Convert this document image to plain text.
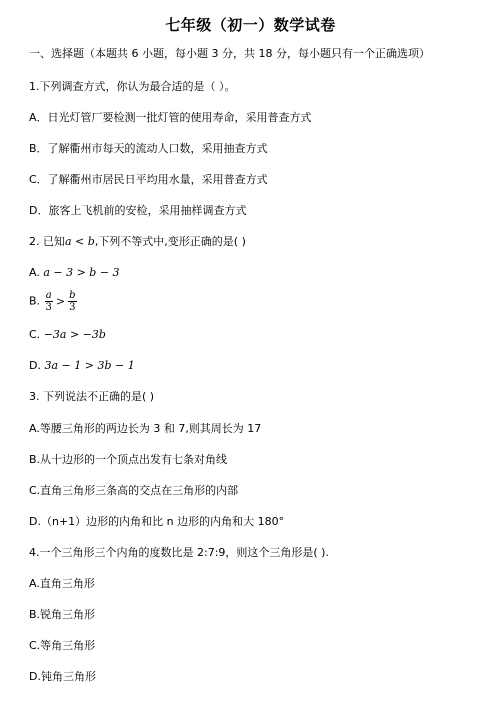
七年级（初一）数学试卷
一、选择题（本题共 6 小题，每小题 3 分，共 18 分，每小题只有一个正确选项）
1.下列调查方式，你认为最合适的是（ ）。
A．日光灯管厂要检测一批灯管的使用寿命，采用普查方式
B．了解衢州市每天的流动人口数，采用抽查方式
C．了解衢州市居民日平均用水量，采用普查方式
D．旅客上飞机前的安检，采用抽样调查方式
2. 已知a < b,下列不等式中,变形正确的是( )
A. a − 3 > b − 3
B. $\frac{a}{3} > \frac{b}{3}$
C. −3a > −3b
D. 3a − 1 > 3b − 1
3. 下列说法不正确的是( )
A.等腰三角形的两边长为 3 和 7,则其周长为 17
B.从十边形的一个顶点出发有七条对角线
C.直角三角形三条高的交点在三角形的内部
D.（n+1）边形的内角和比 n 边形的内角和大 180°
4.一个三角形三个内角的度数比是 2:7:9，则这个三角形是( ).
A.直角三角形
B.锐角三角形
C.等角三角形
D.钝角三角形
